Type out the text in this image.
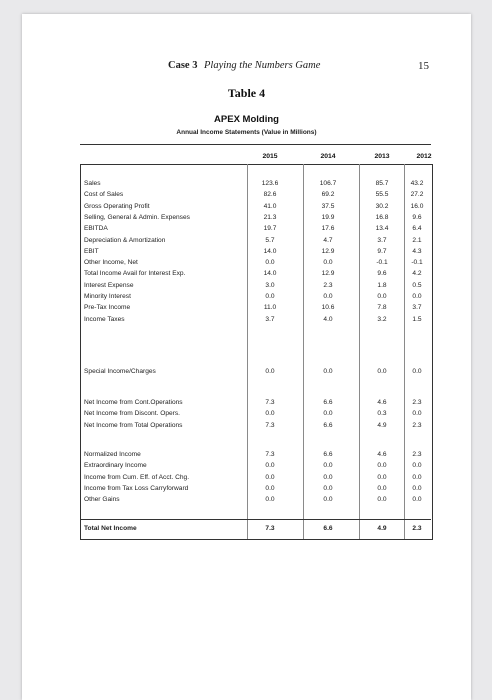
Case 3 Playing the Numbers Game	15
Table 4
APEX Molding
Annual Income Statements (Value in Millions)
2015	2014	2013	2012
Sales	123.6	106.7	85.7	43.2
Cost of Sales	82.6	69.2	55.5	27.2
Gross Operating Profit	41.0	37.5	30.2	16.0
Selling, General & Admin. Expenses	21.3	19.9	16.8	9.6
EBITDA	19.7	17.6	13.4	6.4
Depreciation & Amortization	5.7	4.7	3.7	2.1
EBIT	14.0	12.9	9.7	4.3
Other Income, Net	0.0	0.0	-0.1	-0.1
Total Income Avail for Interest Exp.	14.0	12.9	9.6	4.2
Interest Expense	3.0	2.3	1.8	0.5
Minority Interest	0.0	0.0	0.0	0.0
Pre-Tax Income	11.0	10.6	7.8	3.7
Income Taxes	3.7	4.0	3.2	1.5
Special Income/Charges	0.0	0.0	0.0	0.0
Net Income from Cont.Operations	7.3	6.6	4.6	2.3
Net Income from Discont. Opers.	0.0	0.0	0.3	0.0
Net Income from Total Operations	7.3	6.6	4.9	2.3
Normalized Income	7.3	6.6	4.6	2.3
Extraordinary Income	0.0	0.0	0.0	0.0
Income from Cum. Eff. of Acct. Chg.	0.0	0.0	0.0	0.0
Income from Tax Loss Carryforward	0.0	0.0	0.0	0.0
Other Gains	0.0	0.0	0.0	0.0
Total Net Income	7.3	6.6	4.9	2.3
